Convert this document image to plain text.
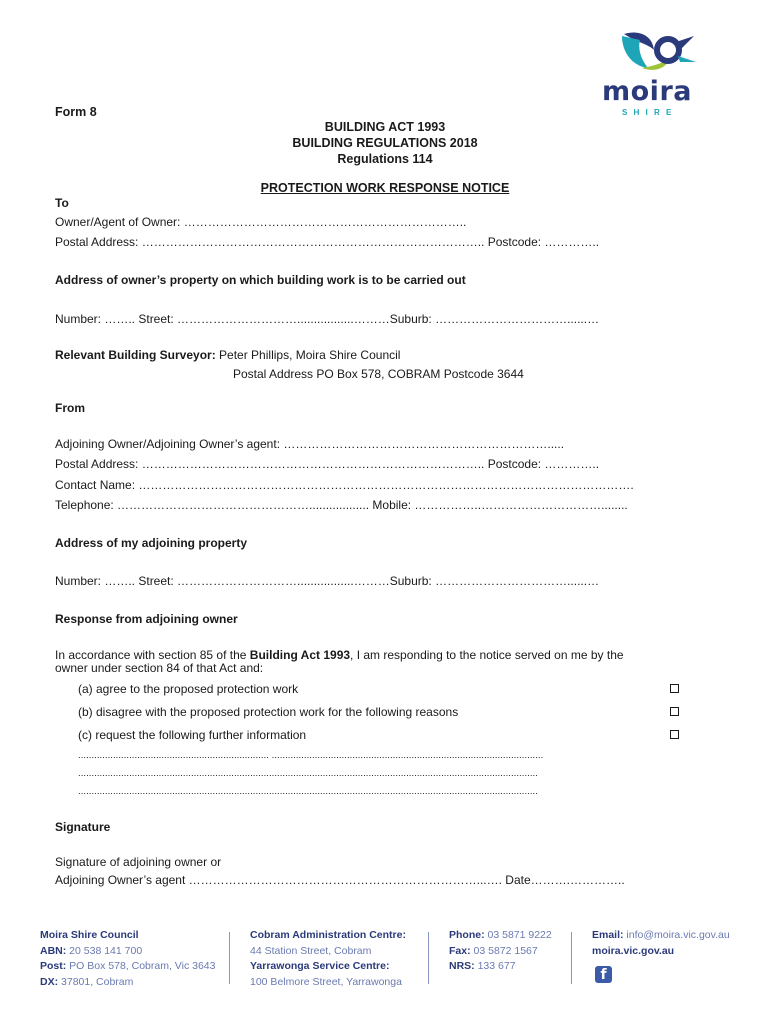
moira
S H I R E
Form 8
BUILDING ACT 1993
BUILDING REGULATIONS 2018
Regulations 114
PROTECTION WORK RESPONSE NOTICE
To
Owner/Agent of Owner: ……………………………………………………………..
Postal Address: ………………………………………………………………………….. Postcode: …………..
Address of owner’s property on which building work is to be carried out
Number: …….. Street: ………………………….................………Suburb: ……………………………......…
Relevant Building Surveyor: Peter Phillips, Moira Shire Council
Postal Address PO Box 578, COBRAM Postcode 3644
From
Adjoining Owner/Adjoining Owner’s agent: ………………………………………………………….....
Postal Address: ………………………………………………………………………….. Postcode: …………..
Contact Name: …………………………………………………………………………………………………………….
Telephone: ………………………………………….................. Mobile: ……………..…………………………........
Address of my adjoining property
Number: …….. Street: ………………………….................………Suburb: ……………………………......…
Response from adjoining owner
In accordance with section 85 of the Building Act 1993, I am responding to the notice served on me by the
owner under section 84 of that Act and:
(a) agree to the proposed protection work
(b) disagree with the proposed protection work for the following reasons
(c) request the following further information
....................................................................... .....................................................................................................
...........................................................................................................................................................................
...........................................................................................................................................................................
Signature
Signature of adjoining owner or
Adjoining Owner’s agent ………………………………………………………………...…. Date……….…………..
Moira Shire Council
ABN: 20 538 141 700
Post: PO Box 578, Cobram, Vic 3643
DX: 37801, Cobram
Cobram Administration Centre:
44 Station Street, Cobram
Yarrawonga Service Centre:
100 Belmore Street, Yarrawonga
Phone: 03 5871 9222
Fax: 03 5872 1567
NRS: 133 677
Email: info@moira.vic.gov.au
moira.vic.gov.au
f
